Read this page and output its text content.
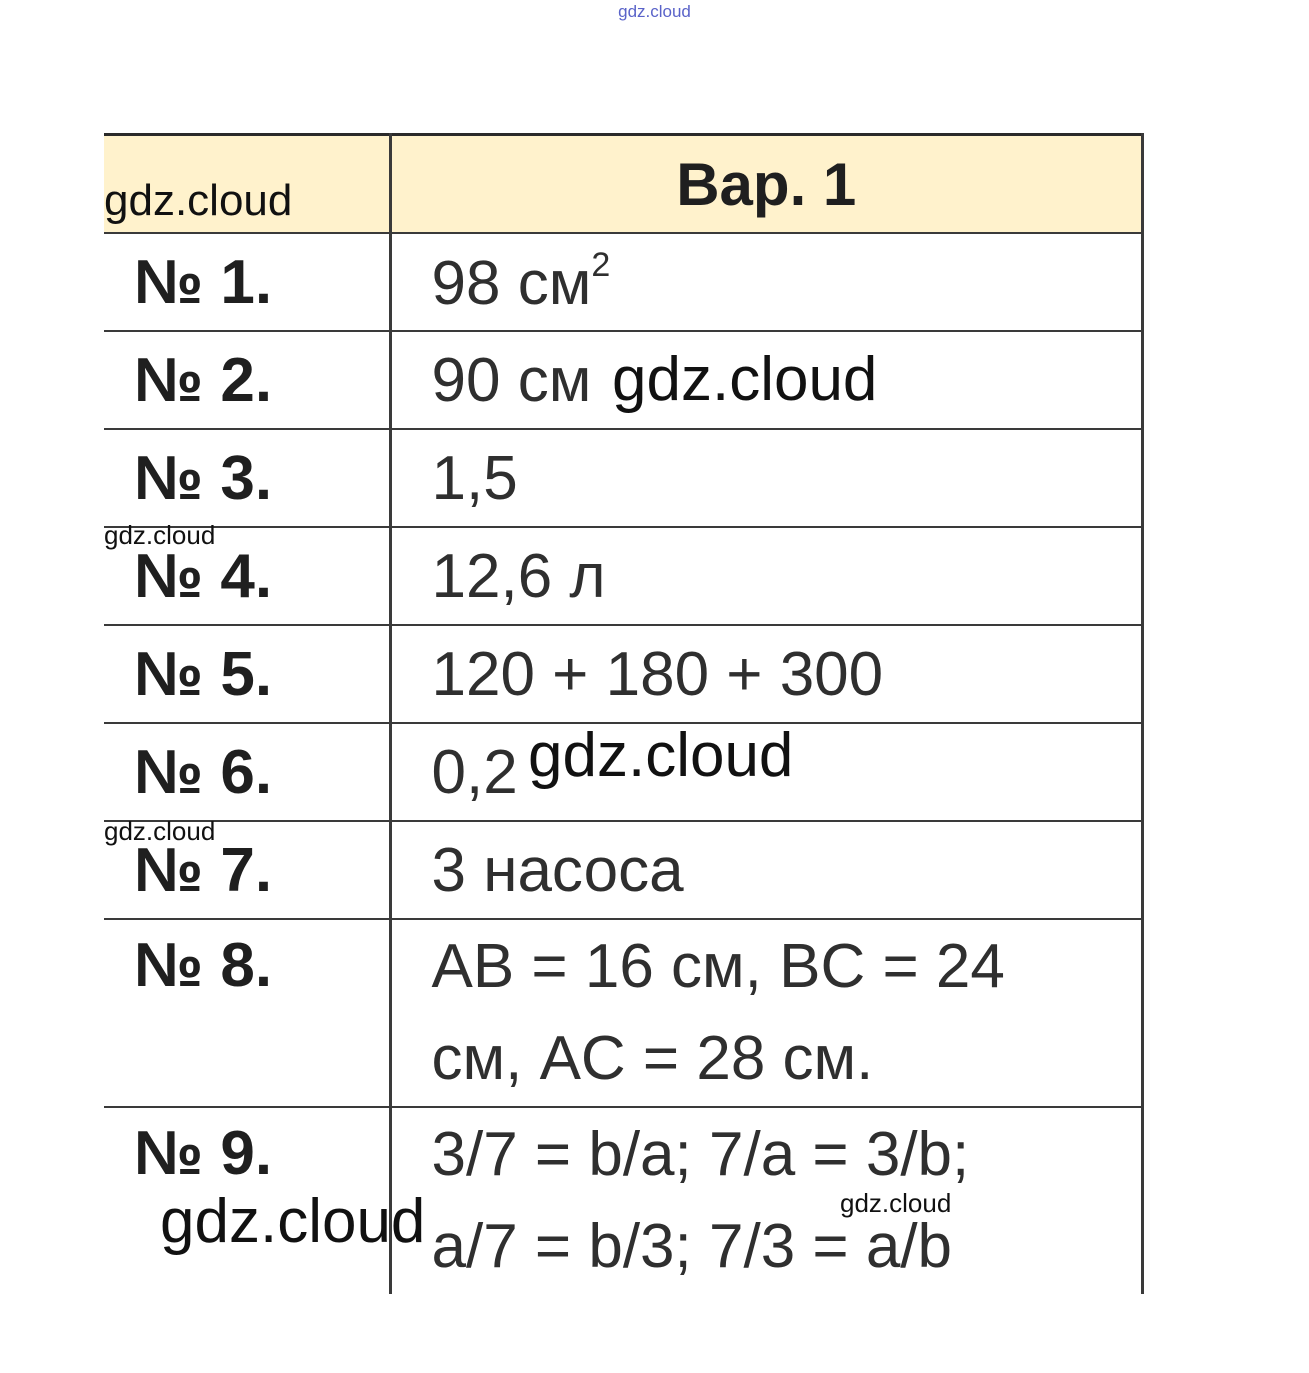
gdz.cloud
	Вар. 1
№ 1.	98 $см^2$
№ 2.	90 см
№ 3.	1,5
№ 4.	12,6 л
№ 5.	120 + 180 + 300
№ 6.	0,2
№ 7.	3 насоса
№ 8.	AB = 16 см, BC = 24
см, AC = 28 см.

№ 9.	3/7 = b/a; 7/a = 3/b;
a/7 = b/3; 7/3 = a/b
gdz.cloud
gdz.cloud
gdz.cloud
gdz.cloud
gdz.cloud
gdz.cloud	gdz.cloud
